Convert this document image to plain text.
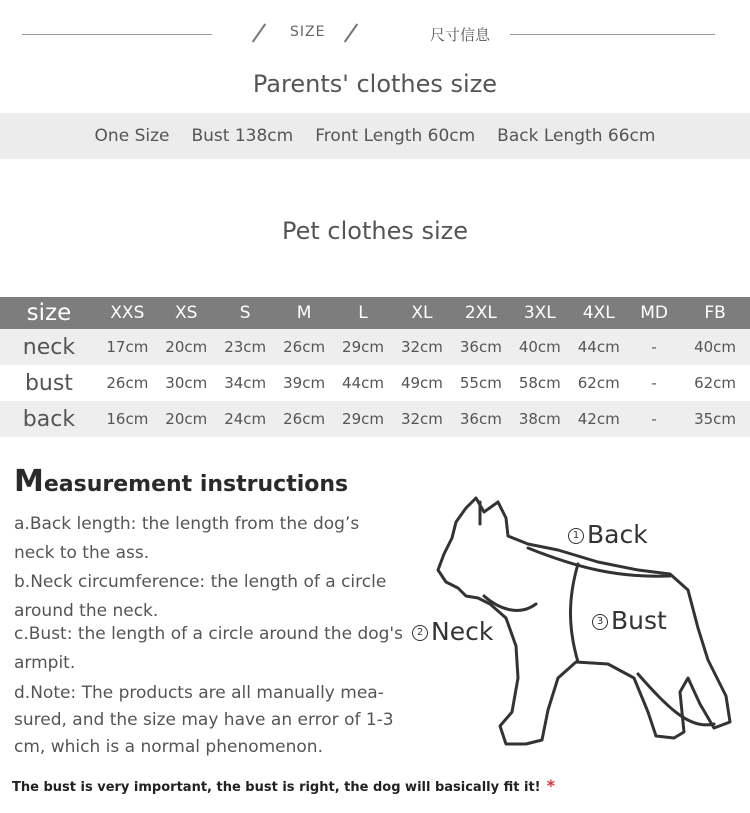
SIZE	尺寸信息
Parents' clothes size
One Size Bust 138cm Front Length 60cm Back Length 66cm
Pet clothes size
size	XXS	XS	S	M	L	XL	2XL	3XL	4XL	MD	FB
neck	17cm	20cm	23cm	26cm	29cm	32cm	36cm	40cm	44cm	-	40cm
bust	26cm	30cm	34cm	39cm	44cm	49cm	55cm	58cm	62cm	-	62cm
back	16cm	20cm	24cm	26cm	29cm	32cm	36cm	38cm	42cm	-	35cm
Measurement instructions
a.Back length: the length from the dog’s neck to the ass.
b.Neck circumference: the length of a circle around the neck.
c.Bust: the length of a circle around the dog's armpit.
d.Note: The products are all manually mea-sured, and the size may have an error of 1-3 cm, which is a normal phenomenon.
The bust is very important, the bust is right, the dog will basically fit it! *
1 Back
2 Neck	3 Bust
